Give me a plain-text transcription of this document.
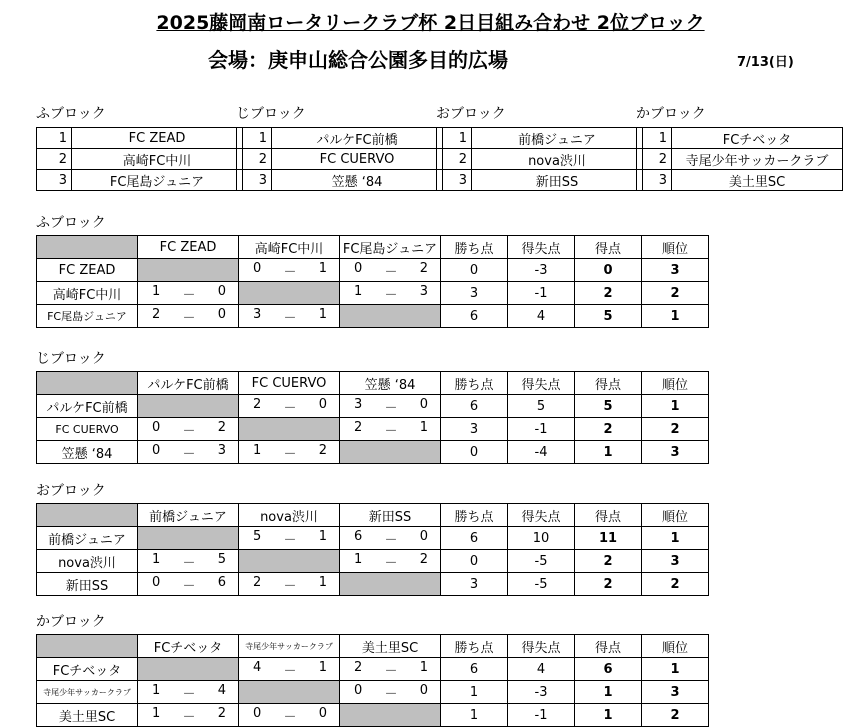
2025藤岡南ロータリークラブ杯 2日目組み合わせ 2位ブロック
会場：庚申山総合公園多目的広場	7/13(日)
ふブロック
1	FC ZEAD
2	高崎FC中川
3	FC尾島ジュニア
じブロック
1	パルケFC前橋
2	FC CUERVO
3	笠懸 ‘84
おブロック
1	前橋ジュニア
2	nova渋川
3	新田SS
かブロック
1	FCチベッタ
2	寺尾少年サッカークラブ
3	美土里SC
ふブロック
	FC ZEAD	高崎FC中川	FC尾島ジュニア	勝ち点	得失点	得点	順位
FC ZEAD		0 － 1	0 － 2	0	-3	0	3
高崎FC中川	1 － 0		1 － 3	3	-1	2	2
FC尾島ジュニア	2 － 0	3 － 1		6	4	5	1
じブロック
	パルケFC前橋	FC CUERVO	笠懸 ‘84	勝ち点	得失点	得点	順位
パルケFC前橋		2 － 0	3 － 0	6	5	5	1
FC CUERVO	0 － 2		2 － 1	3	-1	2	2
笠懸 ‘84	0 － 3	1 － 2		0	-4	1	3
おブロック
	前橋ジュニア	nova渋川	新田SS	勝ち点	得失点	得点	順位
前橋ジュニア		5 － 1	6 － 0	6	10	11	1
nova渋川	1 － 5		1 － 2	0	-5	2	3
新田SS	0 － 6	2 － 1		3	-5	2	2
かブロック
	FCチベッタ	寺尾少年サッカークラブ	美土里SC	勝ち点	得失点	得点	順位
FCチベッタ		4 － 1	2 － 1	6	4	6	1
寺尾少年サッカークラブ	1 － 4		0 － 0	1	-3	1	3
美土里SC	1 － 2	0 － 0		1	-1	1	2
